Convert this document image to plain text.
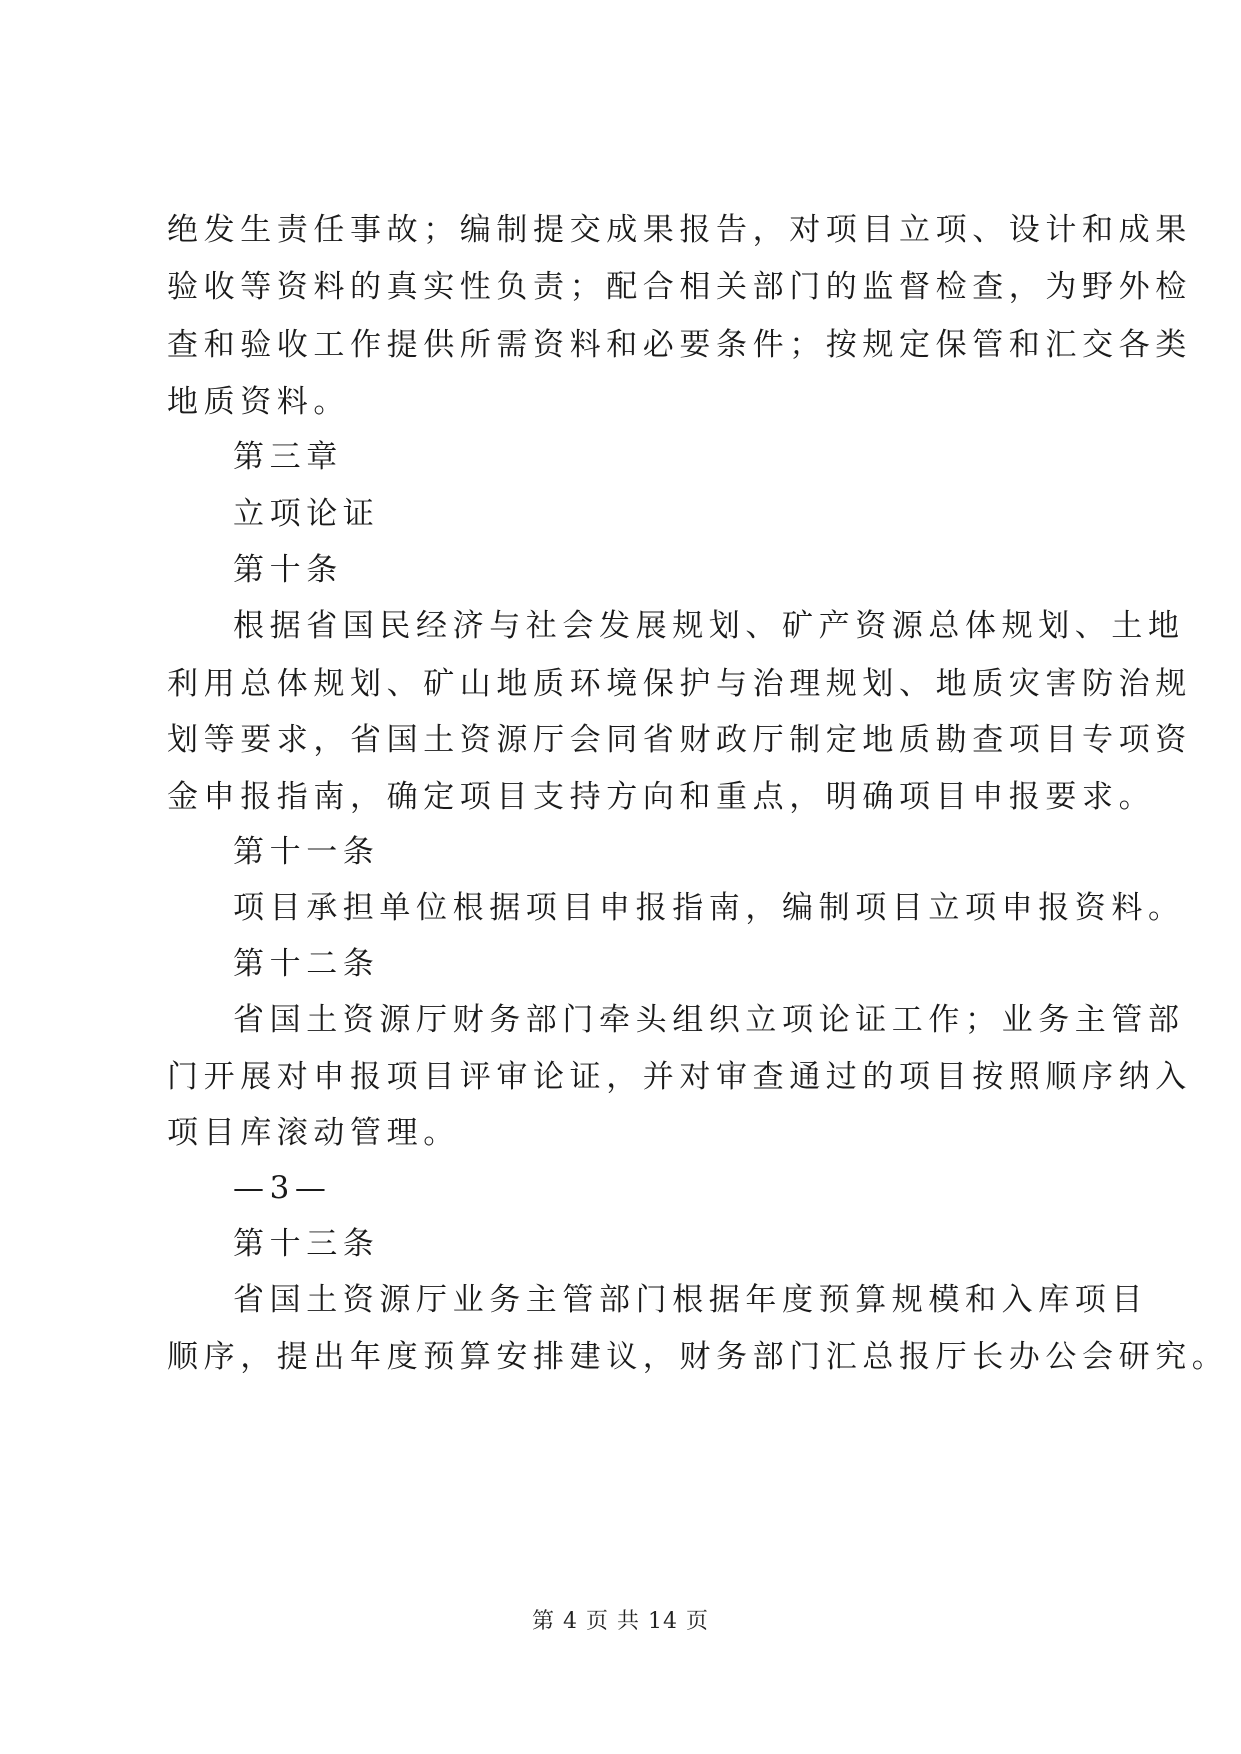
绝发生责任事故；编制提交成果报告，对项目立项、设计和成果
验收等资料的真实性负责；配合相关部门的监督检查，为野外检
查和验收工作提供所需资料和必要条件；按规定保管和汇交各类
地质资料。
第三章
立项论证
第十条
根据省国民经济与社会发展规划、矿产资源总体规划、土地
利用总体规划、矿山地质环境保护与治理规划、地质灾害防治规
划等要求，省国土资源厅会同省财政厅制定地质勘查项目专项资
金申报指南，确定项目支持方向和重点，明确项目申报要求。
第十一条
项目承担单位根据项目申报指南，编制项目立项申报资料。
第十二条
省国土资源厅财务部门牵头组织立项论证工作；业务主管部
门开展对申报项目评审论证，并对审查通过的项目按照顺序纳入
项目库滚动管理。
—3—
第十三条
省国土资源厅业务主管部门根据年度预算规模和入库项目
顺序，提出年度预算安排建议，财务部门汇总报厅长办公会研究。
第 4 页 共 14 页
